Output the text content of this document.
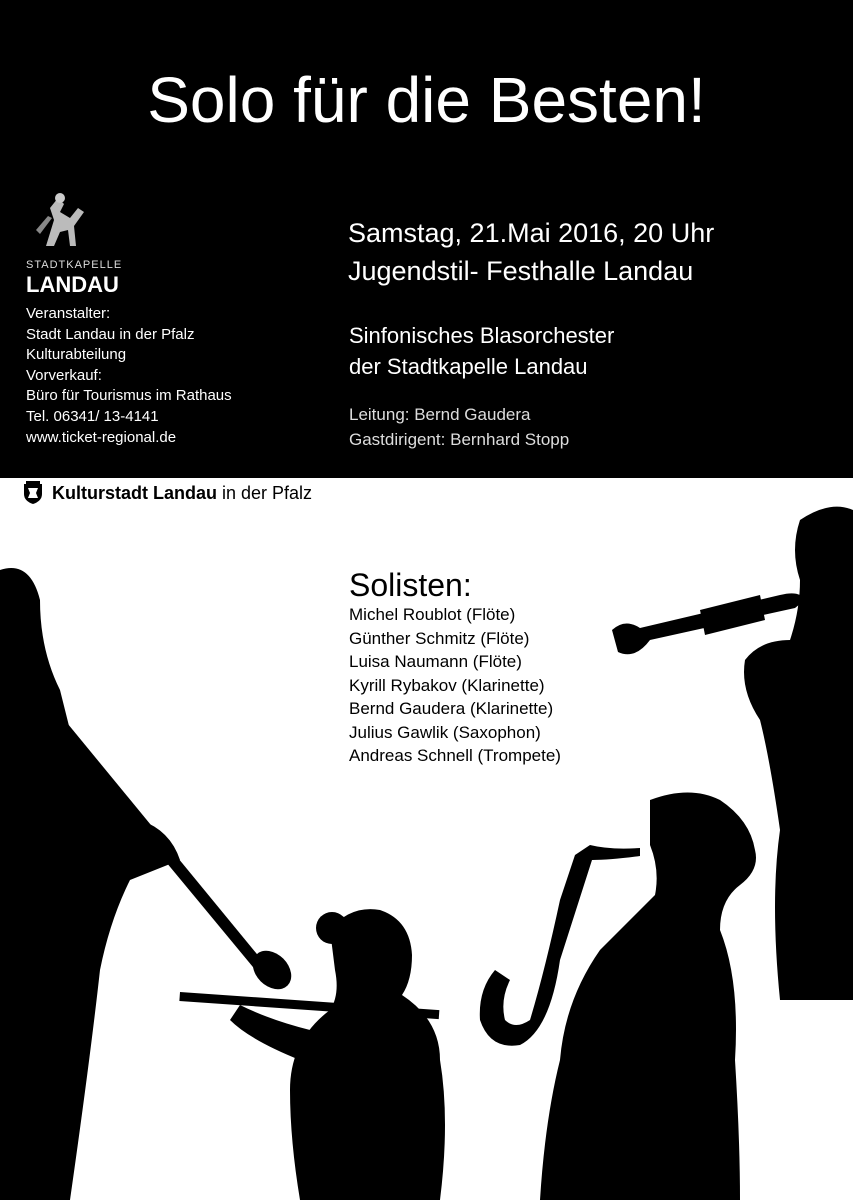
Solo für die Besten!
STADTKAPELLE
LANDAU
Veranstalter:
Stadt Landau in der Pfalz
Kulturabteilung
Vorverkauf:
Büro für Tourismus im Rathaus
Tel. 06341/ 13-4141
www.ticket-regional.de
Samstag, 21.Mai 2016, 20 Uhr
Jugendstil- Festhalle Landau
Sinfonisches Blasorchester
der Stadtkapelle Landau
Leitung: Bernd Gaudera
Gastdirigent: Bernhard Stopp
Kulturstadt Landau in der Pfalz
Solisten:
Michel Roublot (Flöte)
Günther Schmitz (Flöte)
Luisa Naumann (Flöte)
Kyrill Rybakov (Klarinette)
Bernd Gaudera (Klarinette)
Julius Gawlik (Saxophon)
Andreas Schnell (Trompete)
